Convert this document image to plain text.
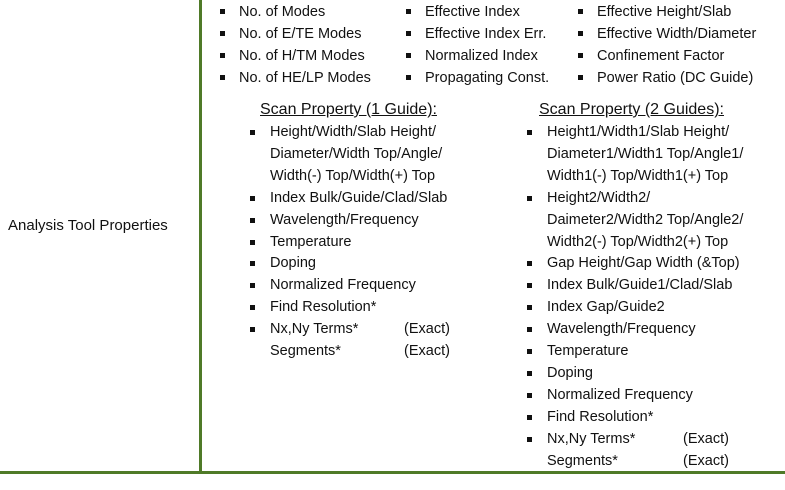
Analysis Tool Properties
No. of Modes
No. of E/TE Modes
No. of H/TM Modes
No. of HE/LP Modes
Effective Index
Effective Index Err.
Normalized Index
Propagating Const.
Effective Height/Slab
Effective Width/Diameter
Confinement Factor
Power Ratio (DC Guide)
Scan Property (1 Guide):	Scan Property (2 Guides):
Height/Width/Slab Height/
Diameter/Width Top/Angle/
Width(-) Top/Width(+) Top
Index Bulk/Guide/Clad/Slab
Wavelength/Frequency
Temperature
Doping
Normalized Frequency
Find Resolution*
Nx,Ny Terms*	(Exact)
Segments*	(Exact)
Height1/Width1/Slab Height/
Diameter1/Width1 Top/Angle1/
Width1(-) Top/Width1(+) Top
Height2/Width2/
Daimeter2/Width2 Top/Angle2/
Width2(-) Top/Width2(+) Top
Gap Height/Gap Width (&Top)
Index Bulk/Guide1/Clad/Slab
Index Gap/Guide2
Wavelength/Frequency
Temperature
Doping
Normalized Frequency
Find Resolution*
Nx,Ny Terms*	(Exact)
Segments*	(Exact)
